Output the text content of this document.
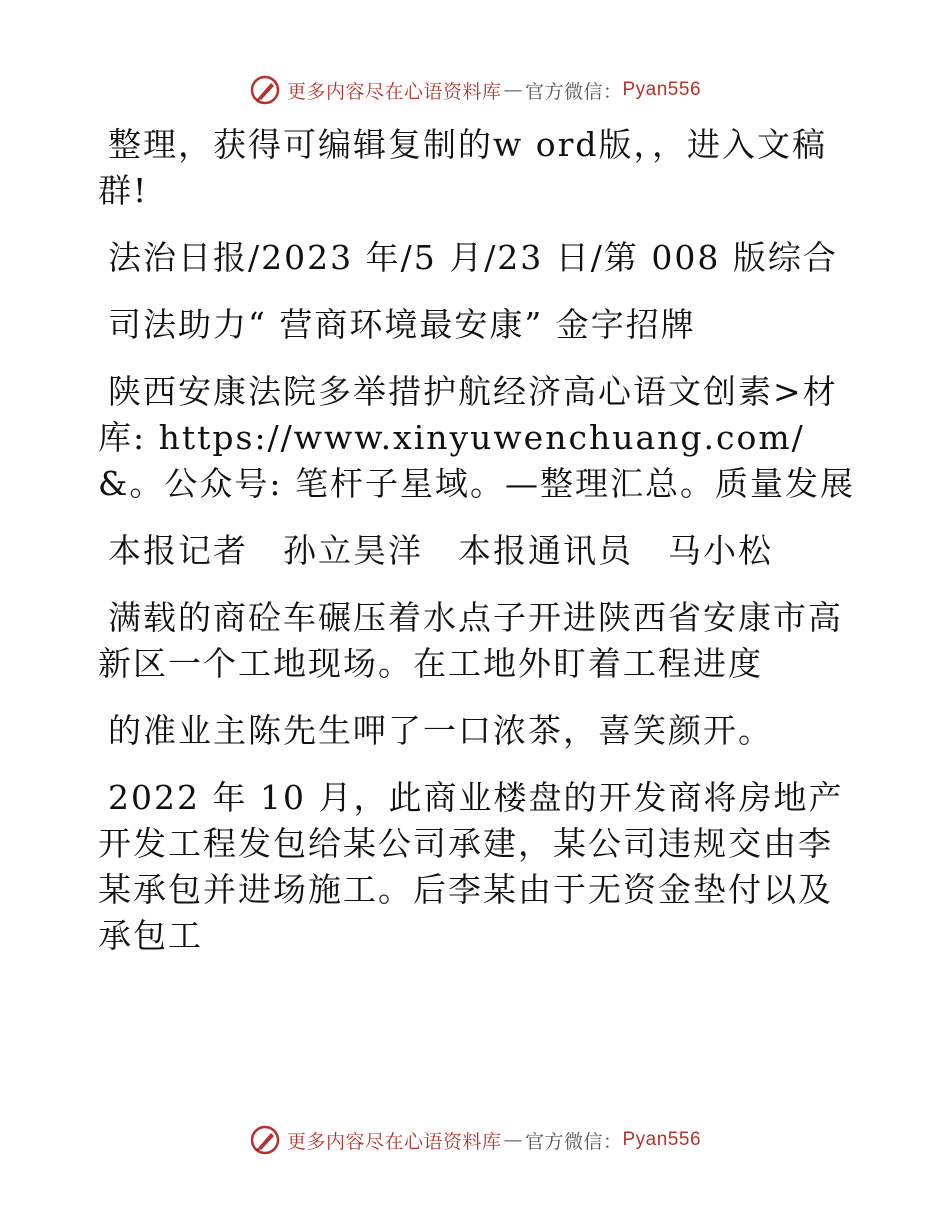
更多内容尽在心语资料库 — 官方微信： Pyan556

整理，获得可编辑复制的w ord版，，进入文稿群!

法治日报/2023 年/5 月/23 日/第 008 版综合

司法助力“ 营商环境最安康” 金字招牌

陕西安康法院多举措护航经济高心语文创素>材库: https://www.xinyuwenchuang.com/&。公众号: 笔杆子星域。—整理汇总。质量发展

本报记者　孙立昊洋　本报通讯员　马小松

满载的商砼车碾压着水点子开进陕西省安康市高新区一个工地现场。在工地外盯着工程进度

的准业主陈先生呷了一口浓茶，喜笑颜开。

2022 年 10 月，此商业楼盘的开发商将房地产开发工程发包给某公司承建，某公司违规交由李某承包并进场施工。后李某由于无资金垫付以及承包工

更多内容尽在心语资料库 — 官方微信： Pyan556
